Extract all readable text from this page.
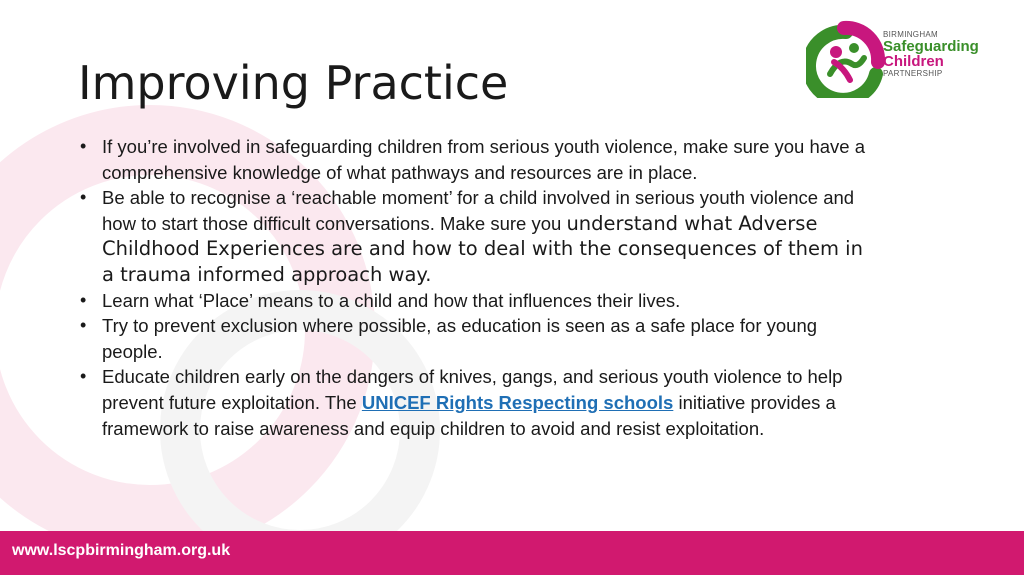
Improving Practice
• If you’re involved in safeguarding children from serious youth violence, make sure you have a comprehensive knowledge of what pathways and resources are in place.
• Be able to recognise a ‘reachable moment’ for a child involved in serious youth violence and how to start those difficult conversations. Make sure you understand what Adverse Childhood Experiences are and how to deal with the consequences of them in a trauma informed approach way.
• Learn what ‘Place’ means to a child and how that influences their lives.
• Try to prevent exclusion where possible, as education is seen as a safe place for young people.
• Educate children early on the dangers of knives, gangs, and serious youth violence to help prevent future exploitation. The UNICEF Rights Respecting schools initiative provides a framework to raise awareness and equip children to avoid and resist exploitation.
BIRMINGHAM
Safeguarding
Children
PARTNERSHIP
www.lscpbirmingham.org.uk
